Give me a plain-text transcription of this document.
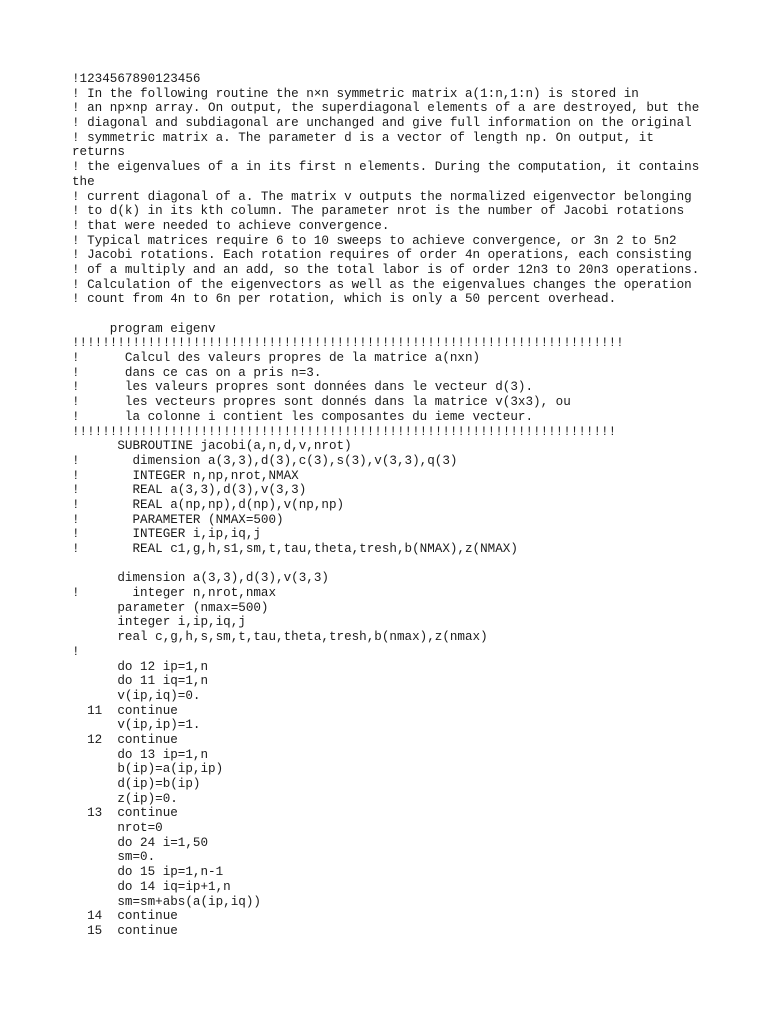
!1234567890123456
! In the following routine the n×n symmetric matrix a(1:n,1:n) is stored in
! an np×np array. On output, the superdiagonal elements of a are destroyed, but the
! diagonal and subdiagonal are unchanged and give full information on the original
! symmetric matrix a. The parameter d is a vector of length np. On output, it
returns
! the eigenvalues of a in its first n elements. During the computation, it contains
the
! current diagonal of a. The matrix v outputs the normalized eigenvector belonging
! to d(k) in its kth column. The parameter nrot is the number of Jacobi rotations
! that were needed to achieve convergence.
! Typical matrices require 6 to 10 sweeps to achieve convergence, or 3n 2 to 5n2
! Jacobi rotations. Each rotation requires of order 4n operations, each consisting
! of a multiply and an add, so the total labor is of order 12n3 to 20n3 operations.
! Calculation of the eigenvectors as well as the eigenvalues changes the operation
! count from 4n to 6n per rotation, which is only a 50 percent overhead.
program eigenv
!!!!!!!!!!!!!!!!!!!!!!!!!!!!!!!!!!!!!!!!!!!!!!!!!!!!!!!!!!!!!!!!!!!!!!!!!
!      Calcul des valeurs propres de la matrice a(nxn)
!      dans ce cas on a pris n=3.
!      les valeurs propres sont données dans le vecteur d(3).
!      les vecteurs propres sont donnés dans la matrice v(3x3), ou
!      la colonne i contient les composantes du ieme vecteur.
!!!!!!!!!!!!!!!!!!!!!!!!!!!!!!!!!!!!!!!!!!!!!!!!!!!!!!!!!!!!!!!!!!!!!!!!
SUBROUTINE jacobi(a,n,d,v,nrot)
!       dimension a(3,3),d(3),c(3),s(3),v(3,3),q(3)
!       INTEGER n,np,nrot,NMAX
!       REAL a(3,3),d(3),v(3,3)
!       REAL a(np,np),d(np),v(np,np)
!       PARAMETER (NMAX=500)
!       INTEGER i,ip,iq,j
!       REAL c1,g,h,s1,sm,t,tau,theta,tresh,b(NMAX),z(NMAX)
dimension a(3,3),d(3),v(3,3)
!       integer n,nrot,nmax
parameter (nmax=500)
integer i,ip,iq,j
real c,g,h,s,sm,t,tau,theta,tresh,b(nmax),z(nmax)
!
do 12 ip=1,n
do 11 iq=1,n
v(ip,iq)=0.
11  continue
v(ip,ip)=1.
12  continue
do 13 ip=1,n
b(ip)=a(ip,ip)
d(ip)=b(ip)
z(ip)=0.
13  continue
nrot=0
do 24 i=1,50
sm=0.
do 15 ip=1,n-1
do 14 iq=ip+1,n
sm=sm+abs(a(ip,iq))
14  continue
15  continue
